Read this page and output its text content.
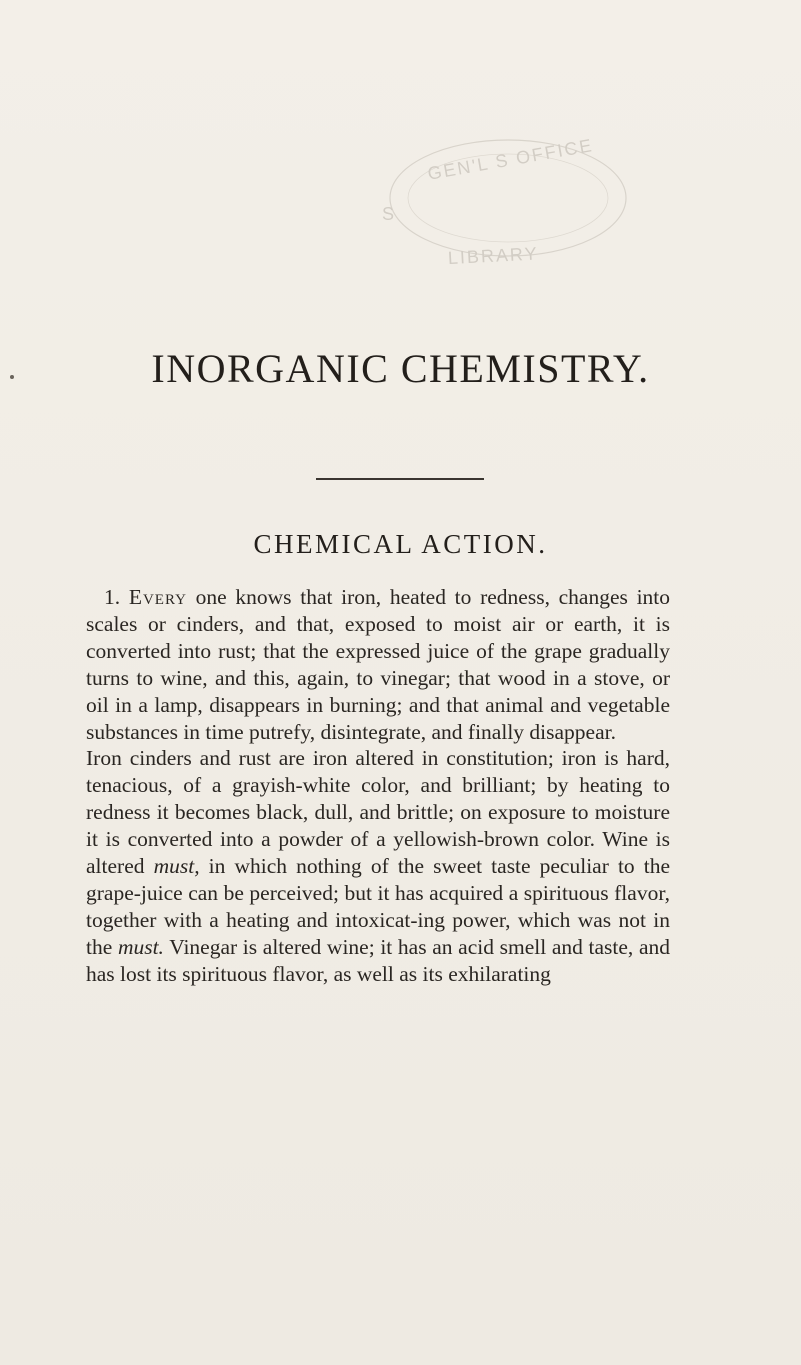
GEN'L S OFFICE
S
LIBRARY
INORGANIC CHEMISTRY.
CHEMICAL ACTION.

1. Every one knows that iron, heated to redness, changes into scales or cinders, and that, exposed to moist air or earth, it is converted into rust; that the expressed juice of the grape gradually turns to wine, and this, again, to vinegar; that wood in a stove, or oil in a lamp, disappears in burning; and that animal and vegetable substances in time putrefy, disintegrate, and finally disappear.

Iron cinders and rust are iron altered in constitution; iron is hard, tenacious, of a grayish-white color, and brilliant; by heating to redness it becomes black, dull, and brittle; on exposure to moisture it is converted into a powder of a yellowish-brown color. Wine is altered must, in which nothing of the sweet taste peculiar to the grape-juice can be perceived; but it has acquired a spirituous flavor, together with a heating and intoxicat-ing power, which was not in the must. Vinegar is altered wine; it has an acid smell and taste, and has lost its spirituous flavor, as well as its exhilarating
